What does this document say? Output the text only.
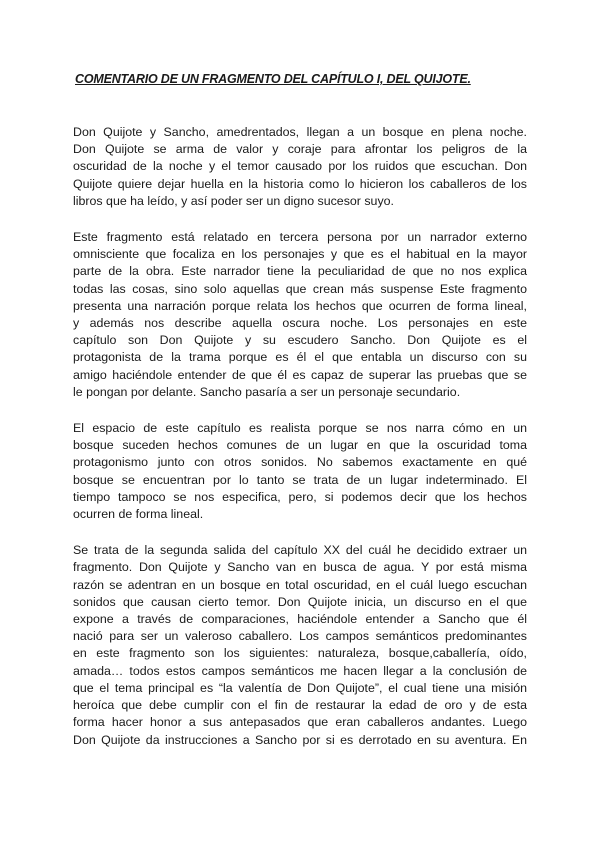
COMENTARIO DE UN FRAGMENTO DEL CAPÍTULO I, DEL QUIJOTE.

Don Quijote y Sancho, amedrentados, llegan a un bosque en plena noche.
Don Quijote se arma de valor y coraje para afrontar los peligros de la
oscuridad de la noche y el temor causado por los ruidos que escuchan. Don
Quijote quiere dejar huella en la historia como lo hicieron los caballeros de los
libros que ha leído, y así poder ser un digno sucesor suyo.

Este fragmento está relatado en tercera persona por un narrador externo
omnisciente que focaliza en los personajes y que es el habitual en la mayor
parte de la obra. Este narrador tiene la peculiaridad de que no nos explica
todas las cosas, sino solo aquellas que crean más suspense Este fragmento
presenta una narración porque relata los hechos que ocurren de forma lineal,
y además nos describe aquella oscura noche. Los personajes en este
capítulo son Don Quijote y su escudero Sancho. Don Quijote es el
protagonista de la trama porque es él el que entabla un discurso con su
amigo haciéndole entender de que él es capaz de superar las pruebas que se
le pongan por delante. Sancho pasaría a ser un personaje secundario.

El espacio de este capítulo es realista porque se nos narra cómo en un
bosque suceden hechos comunes de un lugar en que la oscuridad toma
protagonismo junto con otros sonidos. No sabemos exactamente en qué
bosque se encuentran por lo tanto se trata de un lugar indeterminado. El
tiempo tampoco se nos especifica, pero, si podemos decir que los hechos
ocurren de forma lineal.

Se trata de la segunda salida del capítulo XX del cuál he decidido extraer un
fragmento. Don Quijote y Sancho van en busca de agua. Y por está misma
razón se adentran en un bosque en total oscuridad, en el cuál luego escuchan
sonidos que causan cierto temor. Don Quijote inicia, un discurso en el que
expone a través de comparaciones, haciéndole entender a Sancho que él
nació para ser un valeroso caballero. Los campos semánticos predominantes
en este fragmento son los siguientes: naturaleza, bosque,caballería, oído,
amada… todos estos campos semánticos me hacen llegar a la conclusión de
que el tema principal es “la valentía de Don Quijote”, el cual tiene una misión
heroíca que debe cumplir con el fin de restaurar la edad de oro y de esta
forma hacer honor a sus antepasados que eran caballeros andantes. Luego
Don Quijote da instrucciones a Sancho por si es derrotado en su aventura. En
